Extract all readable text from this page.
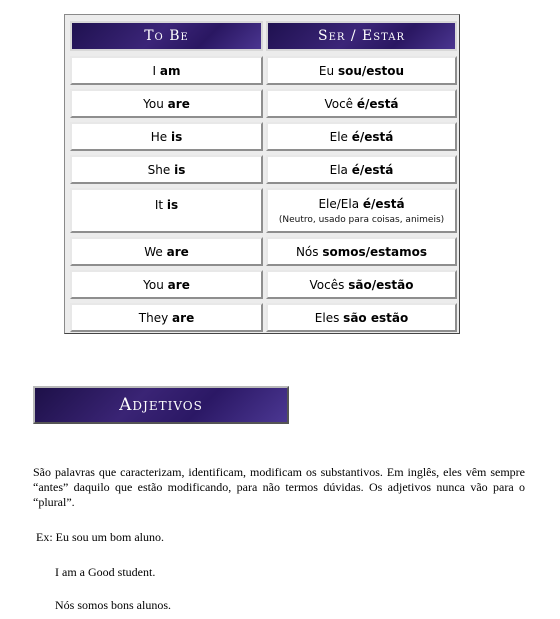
To Be	Ser / Estar
I am	Eu sou/estou
You are	Você é/está
He is	Ele é/está
She is	Ela é/está
It is	Ele/Ela é/está
(Neutro, usado para coisas, animeis)
We are	Nós somos/estamos
You are	Vocês são/estão
They are	Eles são estão
Adjetivos

São palavras que caracterizam, identificam, modificam os substantivos. Em inglês, eles vêm sempre “antes” daquilo que estão modificando, para não termos dúvidas. Os adjetivos nunca vão para o “plural”.

Ex: Eu sou um bom aluno.
I am a Good student.
Nós somos bons alunos.
